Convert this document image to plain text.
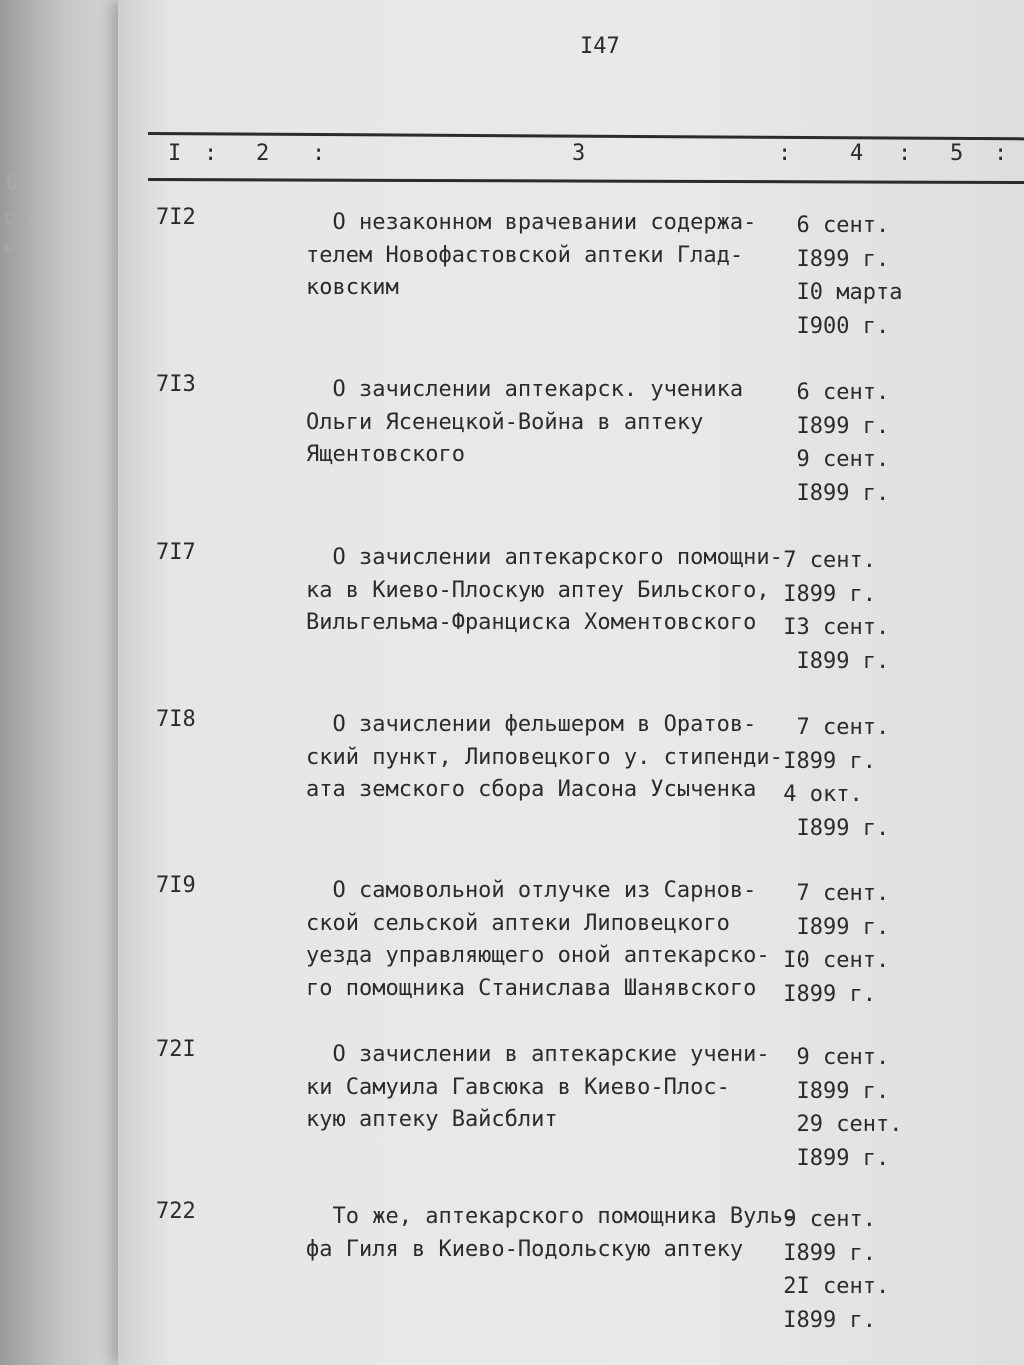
0
он
ы
I47
I : 2 :	3	:	4 : 5 :
7I2	О незаконном врачевании содержа-
телем Новофастовской аптеки Глад-
ковским
6 сент.
I899 г.
I0 марта
I900 г.
7I3	О зачислении аптекарск. ученика
Ольги Ясенецкой-Война в аптеку
Ящентовского
6 сент.
I899 г.
9 сент.
I899 г.
7I7	О зачислении аптекарского помощни-
ка в Киево-Плоскую аптеу Бильского,
Вильгельма-Франциска Хоментовского
7 сент.
I899 г.
I3 сент.
I899 г.
7I8	О зачислении фельшером в Оратов-
ский пункт, Липовецкого у. стипенди-
ата земского сбора Иасона Усыченка
7 сент.
I899 г.
4 окт.
I899 г.
7I9	О самовольной отлучке из Сарнов-
ской сельской аптеки Липовецкого
уезда управляющего оной аптекарско-
го помощника Станислава Шанявского
7 сент.
I899 г.
I0 сент.
I899 г.
72I	О зачислении в аптекарские учени-
ки Самуила Гавсюка в Киево-Плос-
кую аптеку Вайсблит
9 сент.
I899 г.
29 сент.
I899 г.
722	То же, аптекарского помощника Вуль-
фа Гиля в Киево-Подольскую аптеку
9 сент.
I899 г.
2I сент.
I899 г.
